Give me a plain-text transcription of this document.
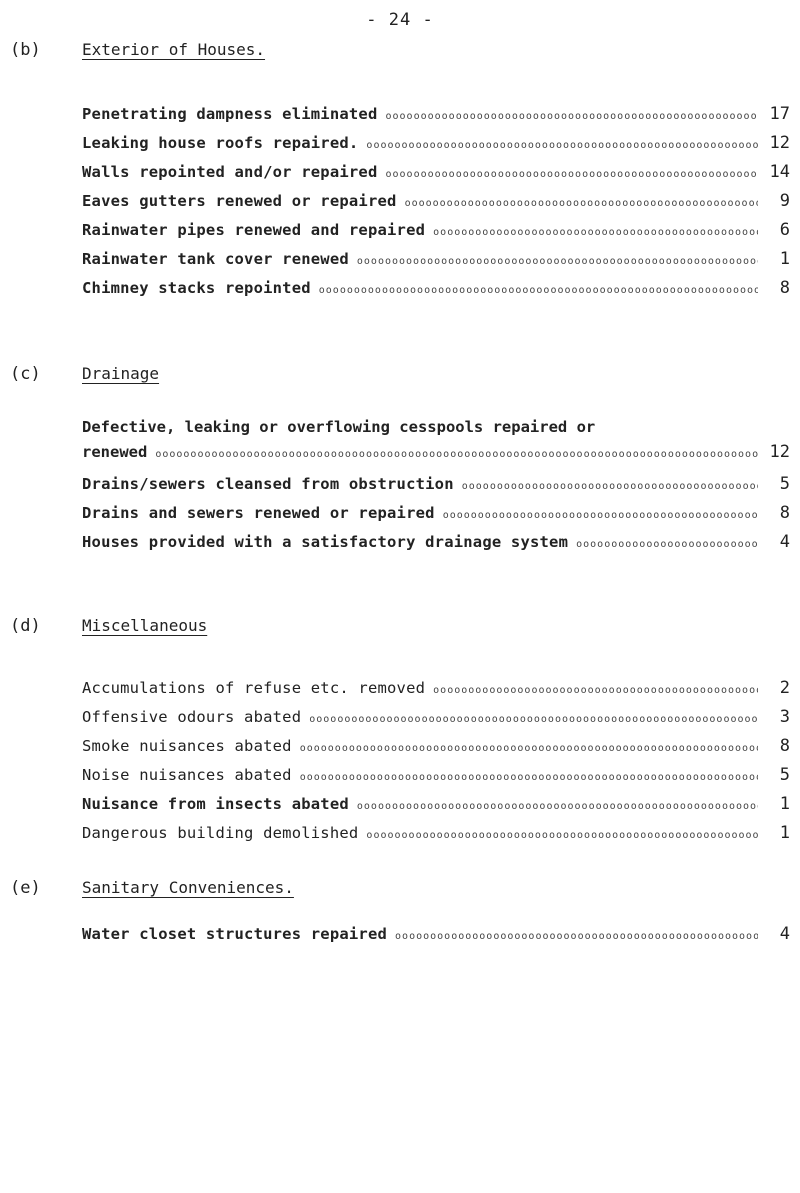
- 24 -
(b)	Exterior of Houses.
Penetrating dampness eliminated oooooooooooooooooooooooooooooooooooooooooooooooooooooooooooooooooooooooooooooooooooooooooooo	17
Leaking house roofs repaired. oooooooooooooooooooooooooooooooooooooooooooooooooooooooooooooooooooooooooooooooooooooooooooo	12
Walls repointed and/or repaired oooooooooooooooooooooooooooooooooooooooooooooooooooooooooooooooooooooooooooooooooooooooooooo	14
Eaves gutters renewed or repaired oooooooooooooooooooooooooooooooooooooooooooooooooooooooooooooooooooooooooooooooooooooooooooo	9
Rainwater pipes renewed and repaired oooooooooooooooooooooooooooooooooooooooooooooooooooooooooooooooooooooooooooooooooooooooooooo	6
Rainwater tank cover renewed oooooooooooooooooooooooooooooooooooooooooooooooooooooooooooooooooooooooooooooooooooooooooooo	1
Chimney stacks repointed oooooooooooooooooooooooooooooooooooooooooooooooooooooooooooooooooooooooooooooooooooooooooooo	8
(c)	Drainage
Defective, leaking or overflowing cesspools repaired or
renewed oooooooooooooooooooooooooooooooooooooooooooooooooooooooooooooooooooooooooooooooooooooooooooo	12
Drains/sewers cleansed from obstruction oooooooooooooooooooooooooooooooooooooooooooooooooooooooooooooooooooooooooooooooooooooooooooo	5
Drains and sewers renewed or repaired oooooooooooooooooooooooooooooooooooooooooooooooooooooooooooooooooooooooooooooooooooooooooooo	8
Houses provided with a satisfactory drainage system oooooooooooooooooooooooooooooooooooooooooooooooooooooooooooooooooooooooooooooooooooooooooooo	4
(d)	Miscellaneous
Accumulations of refuse etc. removed oooooooooooooooooooooooooooooooooooooooooooooooooooooooooooooooooooooooooooooooooooooooooooo	2
Offensive odours abated oooooooooooooooooooooooooooooooooooooooooooooooooooooooooooooooooooooooooooooooooooooooooooo	3
Smoke nuisances abated oooooooooooooooooooooooooooooooooooooooooooooooooooooooooooooooooooooooooooooooooooooooooooo	8
Noise nuisances abated oooooooooooooooooooooooooooooooooooooooooooooooooooooooooooooooooooooooooooooooooooooooooooo	5
Nuisance from insects abated oooooooooooooooooooooooooooooooooooooooooooooooooooooooooooooooooooooooooooooooooooooooooooo	1
Dangerous building demolished oooooooooooooooooooooooooooooooooooooooooooooooooooooooooooooooooooooooooooooooooooooooooooo	1
(e)	Sanitary Conveniences.
Water closet structures repaired oooooooooooooooooooooooooooooooooooooooooooooooooooooooooooooooooooooooooooooooooooooooooooo	4
